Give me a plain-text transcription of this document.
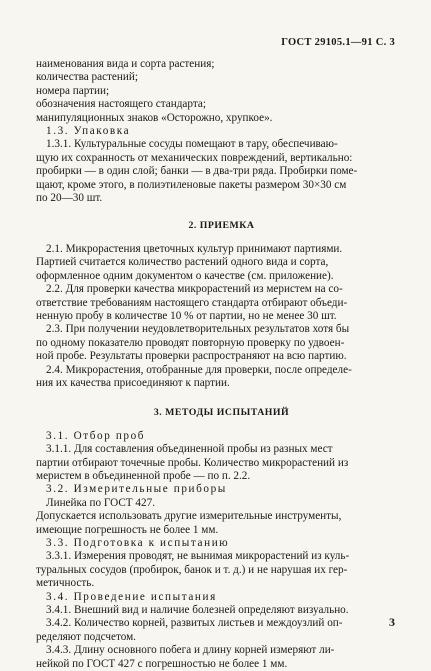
ГОСТ 29105.1—91 С. 3

наименования вида и сорта растения;

количества растений;

номера партии;

обозначения настоящего стандарта;

манипуляционных знаков «Осторожно, хрупкое».

1.3. Упаковка

1.3.1. Культуральные сосуды помещают в тару, обеспечиваю-

щую их сохранность от механических повреждений, вертикально:

пробирки — в один слой; банки — в два-три ряда. Пробирки поме-

щают, кроме этого, в полиэтиленовые пакеты размером 30×30 см

по 20—30 шт.

2. ПРИЕМКА

2.1. Микрорастения цветочных культур принимают партиями.

Партией считается количество растений одного вида и сорта,

оформленное одним документом о качестве (см. приложение).

2.2. Для проверки качества микрорастений из меристем на со-

ответствие требованиям настоящего стандарта отбирают объеди-

ненную пробу в количестве 10 % от партии, но не менее 30 шт.

2.3. При получении неудовлетворительных результатов хотя бы

по одному показателю проводят повторную проверку по удвоен-

ной пробе. Результаты проверки распространяют на всю партию.

2.4. Микрорастения, отобранные для проверки, после определе-

ния их качества присоединяют к партии.

3. МЕТОДЫ ИСПЫТАНИЙ

3.1. Отбор проб

3.1.1. Для составления объединенной пробы из разных мест

партии отбирают точечные пробы. Количество микрорастений из

меристем в объединенной пробе — по п. 2.2.

3.2. Измерительные приборы

Линейка по ГОСТ 427.

Допускается использовать другие измерительные инструменты,

имеющие погрешность не более 1 мм.

3.3. Подготовка к испытанию

3.3.1. Измерения проводят, не вынимая микрорастений из куль-

туральных сосудов (пробирок, банок и т. д.) и не нарушая их гер-

метичность.

3.4. Проведение испытания

3.4.1. Внешний вид и наличие болезней определяют визуально.

3.4.2. Количество корней, развитых листьев и междоузлий оп-

ределяют подсчетом.

3.4.3. Длину основного побега и длину корней измеряют ли-

нейкой по ГОСТ 427 с погрешностью не более 1 мм.

3
